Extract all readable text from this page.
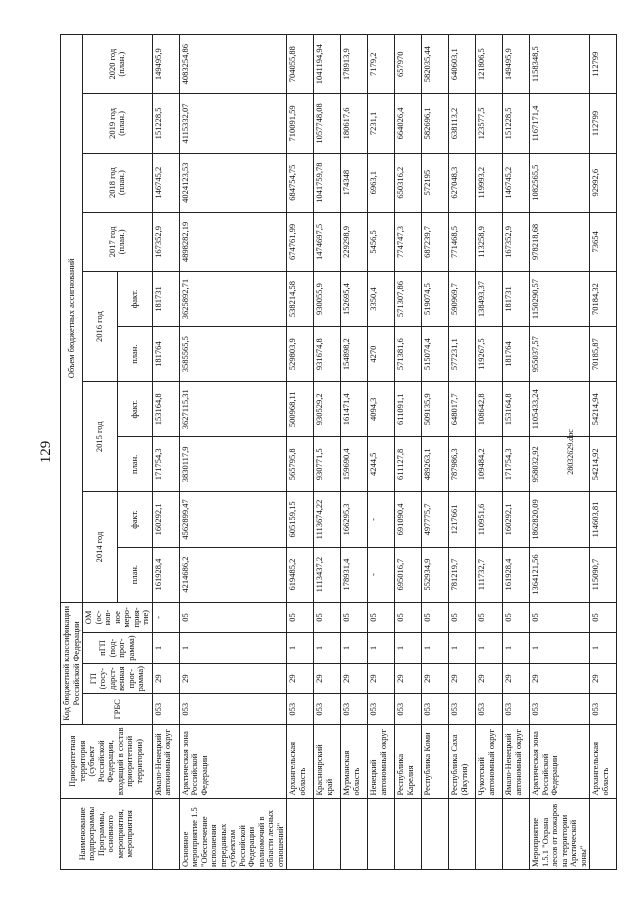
129
Наименование подпрограммы Программы, основного мероприятия, мероприятия	Приоритетная территория (субъект Российской Федерации, входящий в состав приоритетной территории)	Код бюджетной классификации Российской Федерации				Объем бюджетных ассигнований									
		ГРБС	ГП (госу-дарст-венная прог-рамма)	пГП (под-прог-рамма)	ОМ (ос-нов-ное меро-прия-тие)	2014 год		2015 год		2016 год		2017 год (план.)	2018 год (план.)	2019 год (план.)	2020 год (план.)
						план.	факт.	план.	факт.	план.	факт.				
	Ямало-Ненецкий автономный округ	053	29	1	-	161928,4	160292,1	171754,3	153164,8	181764	181731	167352,9	146745,2	151228,5	149495,9
Основное мероприятие 1.5 "Обеспечение исполнения переданных субъектам Российской Федерации полномочий в области лесных отношений"	Арктическая зона Российской Федерации	053	29	1	05	4214686,2	4562899,47	3830117,9	3627115,31	3585565,5	3625892,71	4898282,19	4024123,53	4115332,07	4083254,86
	Архангельская область	053	29	1	05	619485,2	605159,15	565795,8	500968,11	529803,9	538214,58	674761,99	684754,75	710091,59	704055,88
	Красноярский край	053	29	1	05	1113437,2	1113674,22	930771,5	930529,2	931674,8	930055,9	1474697,5	1041759,78	1057748,08	1041194,94
	Мурманская область	053	29	1	05	178931,4	166295,3	159690,4	161471,4	154898,2	152695,4	229298,9	174348	180617,6	178913,9
	Ненецкий автономный округ	053	29	1	05	-	-	4244,5	4094,3	4270	3350,4	5456,5	6963,1	7231,1	7179,2
	Республика Карелия	053	29	1	05	695016,7	691090,4	611127,8	611091,1	571381,6	571307,86	774747,3	650316,2	664026,4	657970
	Республика Коми	053	29	1	05	552934,9	497775,7	489263,1	509135,9	515074,4	519074,5	687239,7	572195	582696,1	582035,44
	Республика Саха (Якутия)	053	29	1	05	781219,7	1217661	787986,3	648017,7	577231,1	590969,7	771468,5	627048,3	638113,2	640603,1
	Чукотский автономный округ	053	29	1	05	111732,7	110951,6	109484,2	108642,8	119267,5	138493,37	113258,9	119993,2	123577,5	121806,5
	Ямало-Ненецкий автономный округ	053	29	1	05	161928,4	160292,1	171754,3	153164,8	181764	181731	167352,9	146745,2	151228,5	149495,9
Мероприятие 1.5.1 "Охрана лесов от пожаров на территории Арктической зоны"	Арктическая зона Российской Федерации	053	29	1	05	1364121,56	1862820,09	958032,92	1105433,24	955037,57	1150290,57	978218,68	1082565,5	1167171,4	1158348,5
	Архангельская область	053	29	1	05	115090,7	114603,81	54214,92	54214,94	70185,87	70184,32	73654	92992,6	112799	112799
28032629.doc
